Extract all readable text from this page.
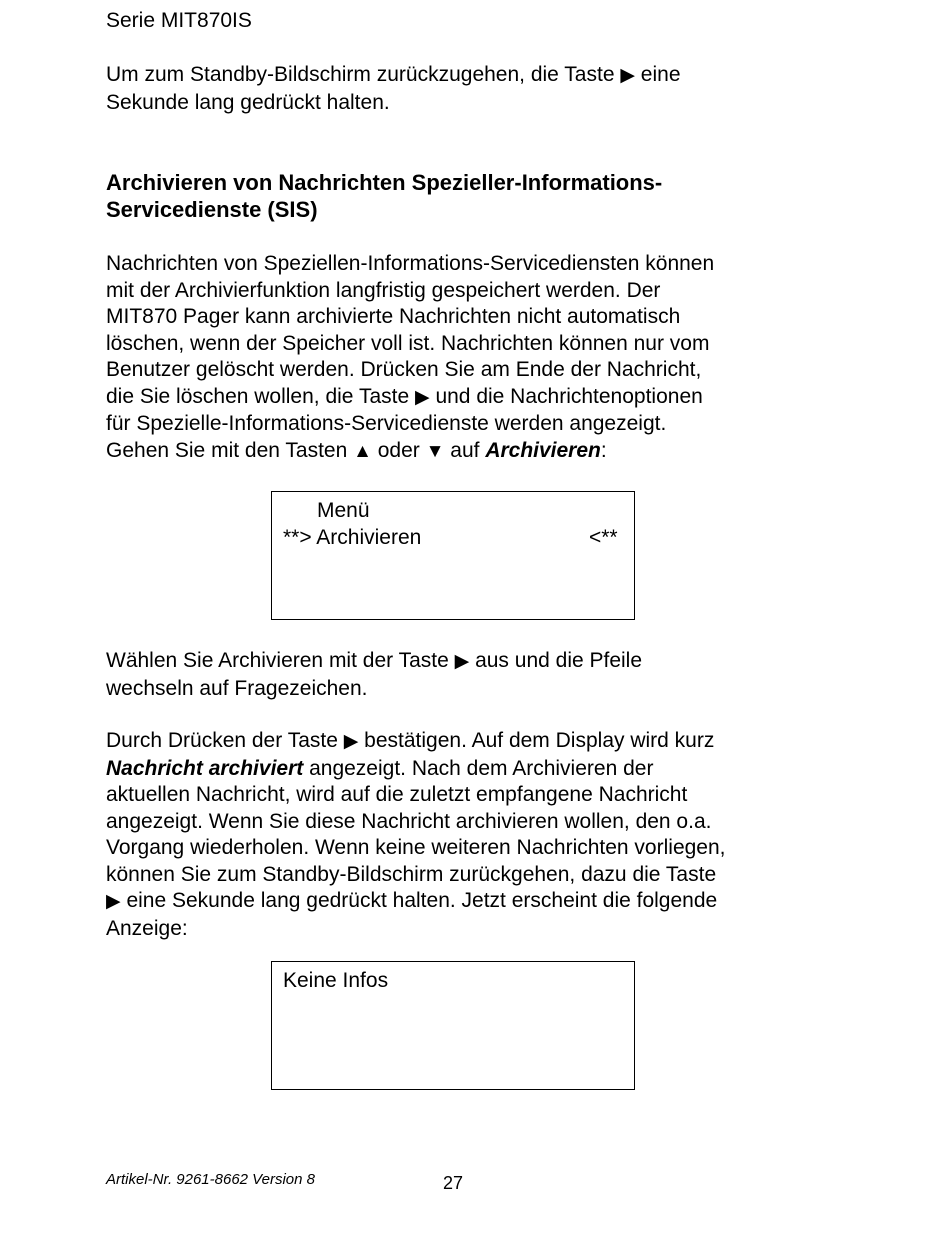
Serie MIT870IS
Um zum Standby-Bildschirm zurückzugehen, die Taste ▶ eine
Sekunde lang gedrückt halten.
Archivieren von Nachrichten Spezieller-Informations-
Servicedienste (SIS)
Nachrichten von Speziellen-Informations-Servicediensten können
mit der Archivierfunktion langfristig gespeichert werden. Der
MIT870 Pager kann archivierte Nachrichten nicht automatisch
löschen, wenn der Speicher voll ist. Nachrichten können nur vom
Benutzer gelöscht werden. Drücken Sie am Ende der Nachricht,
die Sie löschen wollen, die Taste ▶ und die Nachrichtenoptionen
für Spezielle-Informations-Servicedienste werden angezeigt.
Gehen Sie mit den Tasten ▲ oder ▼ auf Archivieren:
Menü
**> Archivieren	<**
Wählen Sie Archivieren mit der Taste ▶ aus und die Pfeile
wechseln auf Fragezeichen.
Durch Drücken der Taste ▶ bestätigen. Auf dem Display wird kurz
Nachricht archiviert angezeigt. Nach dem Archivieren der
aktuellen Nachricht, wird auf die zuletzt empfangene Nachricht
angezeigt. Wenn Sie diese Nachricht archivieren wollen, den o.a.
Vorgang wiederholen. Wenn keine weiteren Nachrichten vorliegen,
können Sie zum Standby-Bildschirm zurückgehen, dazu die Taste
▶ eine Sekunde lang gedrückt halten. Jetzt erscheint die folgende
Anzeige:
Keine Infos
Artikel-Nr. 9261-8662 Version 8	27
